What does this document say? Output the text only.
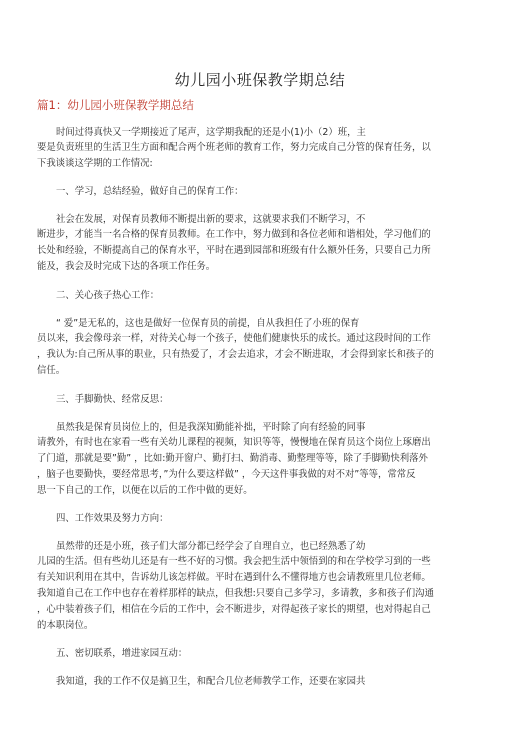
幼儿园小班保教学期总结
篇1：幼儿园小班保教学期总结
时间过得真快又一学期接近了尾声，这学期我配的还是小(1)小（2）班，主
要是负责班里的生活卫生方面和配合两个班老师的教育工作，努力完成自己分管的保育任务，以
下我谈谈这学期的工作情况:
一、学习，总结经验，做好自己的保育工作：
社会在发展，对保育员教师不断提出新的要求，这就要求我们不断学习，不
断进步，才能当一名合格的保育员教师。在工作中，努力做到和各位老师和谐相处，学习他们的
长处和经验，不断提高自己的保育水平，平时在遇到园部和班级有什么额外任务，只要自己力所
能及，我会及时完成下达的各项工作任务。
二、关心孩子热心工作：
“ 爱”是无私的，这也是做好一位保育员的前提，自从我担任了小班的保育
员以来，我会像母亲一样，对待关心每一个孩子，使他们健康快乐的成长。通过这段时间的工作
，我认为:自己所从事的职业，只有热爱了，才会去追求，才会不断进取，才会得到家长和孩子的
信任。
三、手脚勤快、经常反思：
虽然我是保育员岗位上的，但是我深知勤能补拙，平时除了向有经验的同事
请教外，有时也在家看一些有关幼儿课程的视频，知识等等，慢慢地在保育员这个岗位上琢磨出
了门道，那就是要”勤” ，比如:勤开窗户、勤打扫、勤消毒、勤整理等等，除了手脚勤快利落外
，脑子也要勤快，要经常思考，”为什么要这样做” ，今天这件事我做的对不对”等等，常常反
思一下自己的工作，以便在以后的工作中做的更好。
四、工作效果及努力方向：
虽然带的还是小班，孩子们大部分都已经学会了自理自立，也已经熟悉了幼
儿园的生活。但有些幼儿还是有一些不好的习惯。我会把生活中领悟到的和在学校学习到的一些
有关知识利用在其中，告诉幼儿该怎样做。平时在遇到什么不懂得地方也会请教班里几位老师。
我知道自己在工作中也存在着样那样的缺点，但我想:只要自己多学习，多请教，多和孩子们沟通
，心中装着孩子们，相信在今后的工作中，会不断进步，对得起孩子家长的期望，也对得起自己
的本职岗位。
五、密切联系，增进家园互动：
我知道，我的工作不仅是搞卫生，和配合几位老师教学工作，还要在家园共
